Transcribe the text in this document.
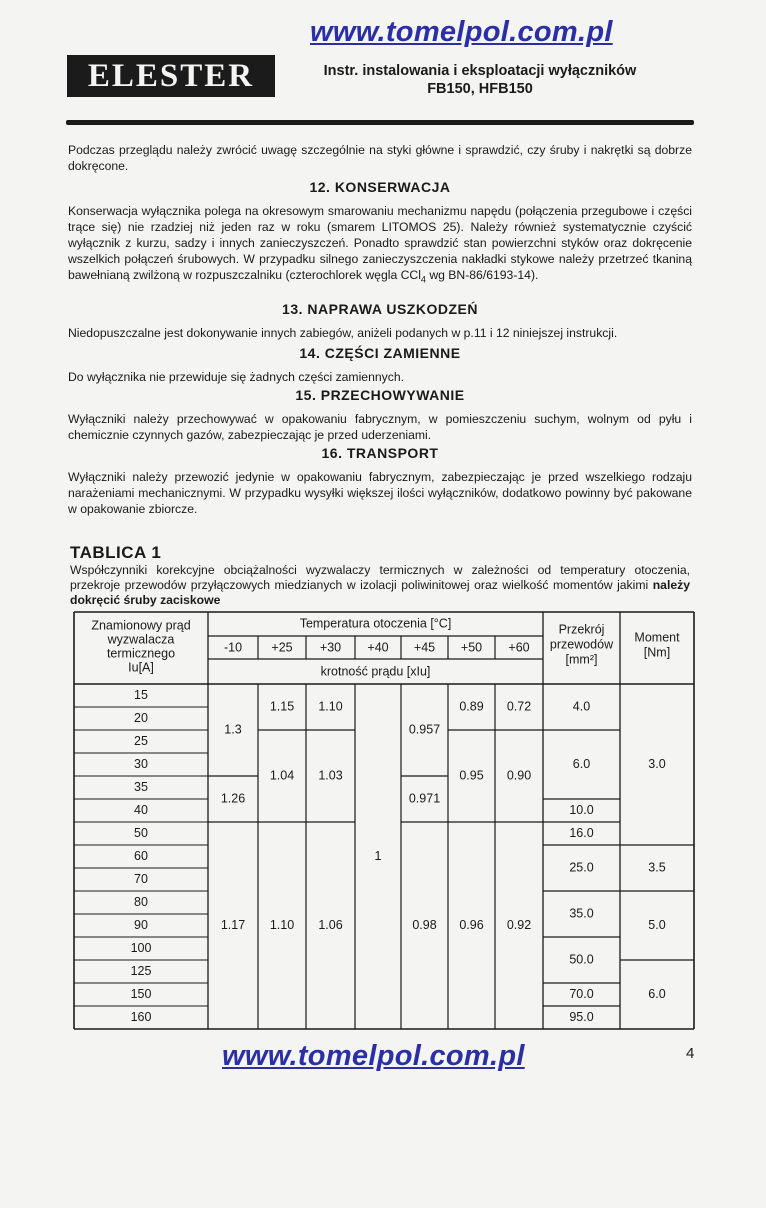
www.tomelpol.com.pl
ELESTER	Instr. instalowania i eksploatacji wyłączników
FB150, HFB150
Podczas przeglądu należy zwrócić uwagę szczególnie na styki główne i sprawdzić, czy śruby i nakrętki są dobrze dokręcone.
12. KONSERWACJA
Konserwacja wyłącznika polega na okresowym smarowaniu mechanizmu napędu (połączenia przegubowe i części trące się) nie rzadziej niż jeden raz w roku (smarem LITOMOS 25). Należy również systematycznie czyścić wyłącznik z kurzu, sadzy i innych zanieczyszczeń. Ponadto sprawdzić stan powierzchni styków oraz dokręcenie wszelkich połączeń śrubowych. W przypadku silnego zanieczyszczenia nakładki stykowe należy przetrzeć tkaniną bawełnianą zwilżoną w rozpuszczalniku (czterochlorek węgla CCl$_4$ wg BN-86/6193-14).
13. NAPRAWA USZKODZEŃ
Niedopuszczalne jest dokonywanie innych zabiegów, aniżeli podanych w p.11 i 12 niniejszej instrukcji.
14. CZĘŚCI ZAMIENNE
Do wyłącznika nie przewiduje się żadnych części zamiennych.
15. PRZECHOWYWANIE
Wyłączniki należy przechowywać w opakowaniu fabrycznym, w pomieszczeniu suchym, wolnym od pyłu i chemicznie czynnych gazów, zabezpieczając je przed uderzeniami.
16. TRANSPORT
Wyłączniki należy przewozić jedynie w opakowaniu fabrycznym, zabezpieczając je przed wszelkiego rodzaju narażeniami mechanicznymi. W przypadku wysyłki większej ilości wyłączników, dodatkowo powinny być pakowane w opakowanie zbiorcze.
TABLICA 1
Współczynniki korekcyjne obciążalności wyzwalaczy termicznych w zależności od temperatury otoczenia, przekroje przewodów przyłączowych miedzianych w izolacji poliwinitowej oraz wielkość momentów jakimi należy dokręcić śruby zaciskowe
Znamionowy prąd
wyzwalacza
termicznego
Iu[A]
Temperatura otoczenia [°C]
-10 +25 +30 +40 +45 +50 +60
krotność prądu [xIu]
Przekrój
przewodów
[mm²]
Moment
[Nm]
15
20
25
30
35
40
50
60
70
80
90
100
125
150
160
1.3
1.26
1.17
1.15
1.04
1.10
1.10
1.03
1.06
1
0.957
0.971
0.98
0.89
0.95
0.96
0.72
0.90
0.92
4.0
6.0
10.0
16.0
25.0
35.0
50.0
70.0
95.0
3.0
3.5
5.0
6.0
www.tomelpol.com.pl	4
